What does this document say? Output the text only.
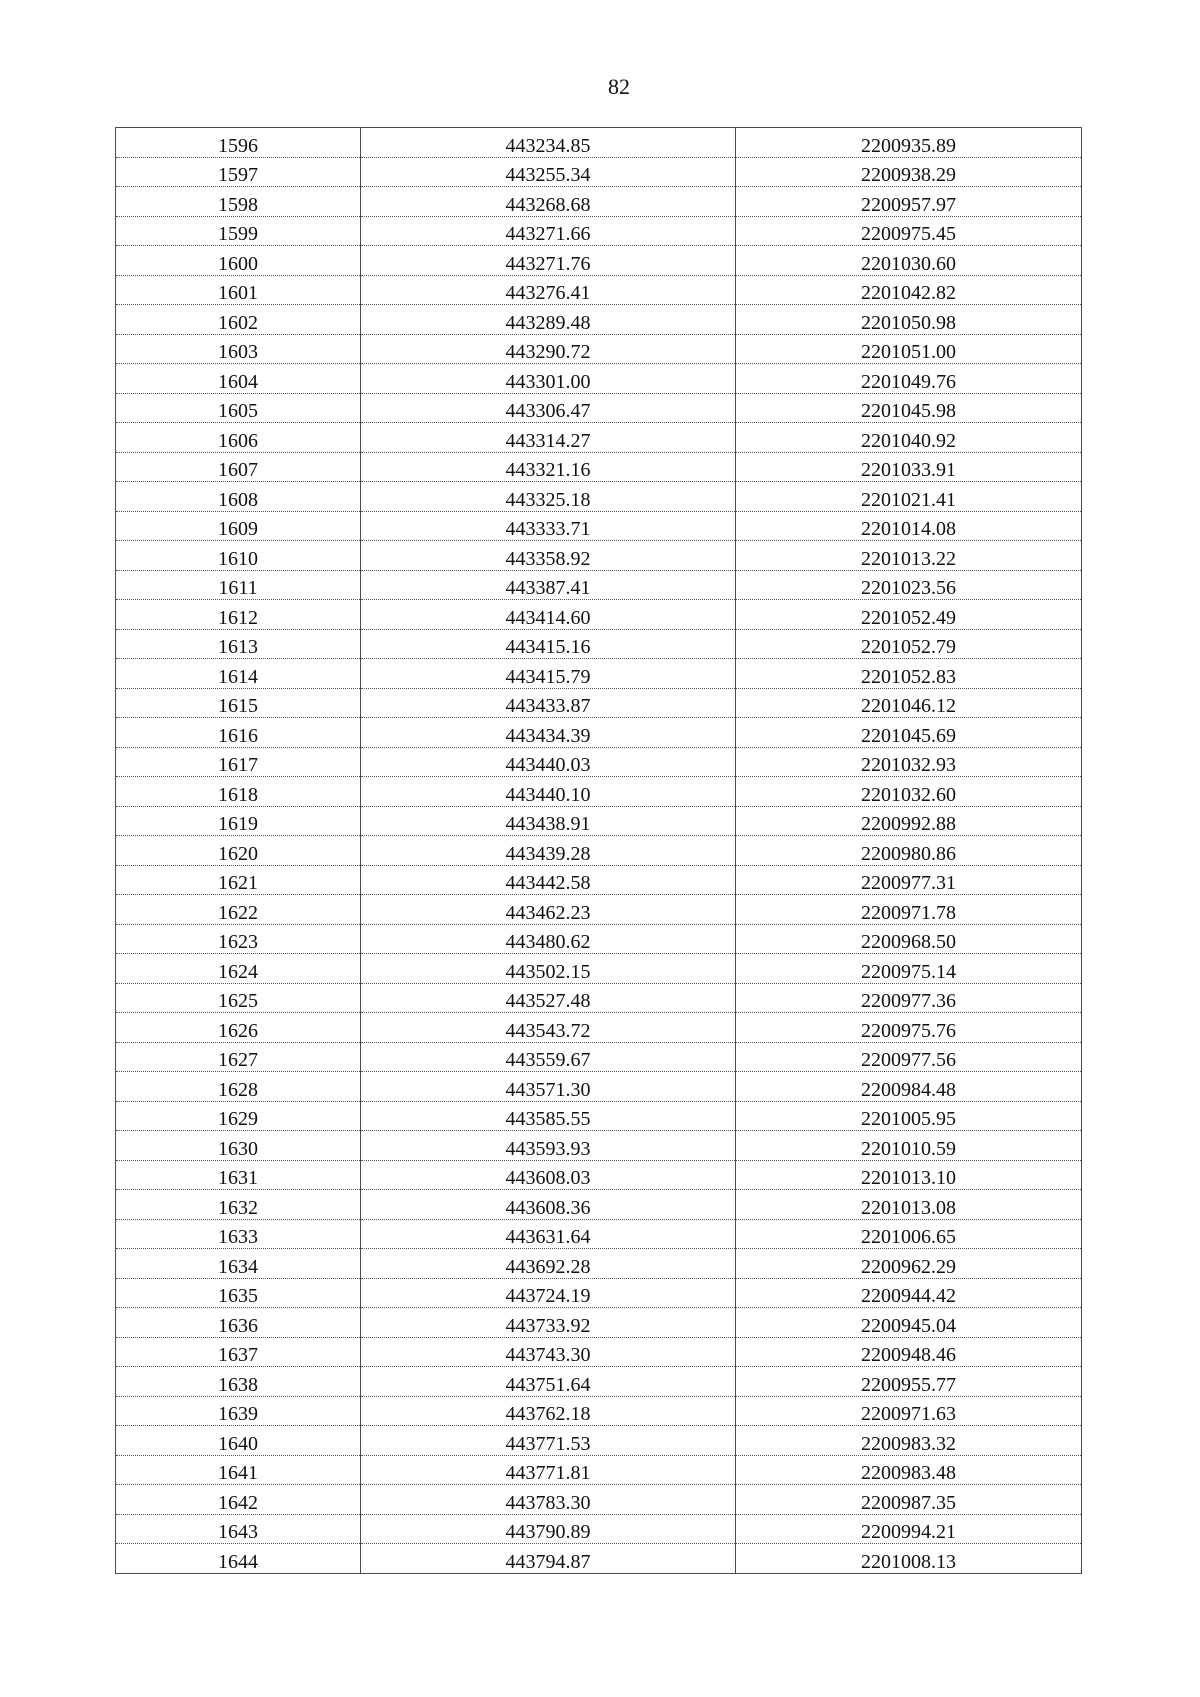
82
1596	443234.85	2200935.89
1597	443255.34	2200938.29
1598	443268.68	2200957.97
1599	443271.66	2200975.45
1600	443271.76	2201030.60
1601	443276.41	2201042.82
1602	443289.48	2201050.98
1603	443290.72	2201051.00
1604	443301.00	2201049.76
1605	443306.47	2201045.98
1606	443314.27	2201040.92
1607	443321.16	2201033.91
1608	443325.18	2201021.41
1609	443333.71	2201014.08
1610	443358.92	2201013.22
1611	443387.41	2201023.56
1612	443414.60	2201052.49
1613	443415.16	2201052.79
1614	443415.79	2201052.83
1615	443433.87	2201046.12
1616	443434.39	2201045.69
1617	443440.03	2201032.93
1618	443440.10	2201032.60
1619	443438.91	2200992.88
1620	443439.28	2200980.86
1621	443442.58	2200977.31
1622	443462.23	2200971.78
1623	443480.62	2200968.50
1624	443502.15	2200975.14
1625	443527.48	2200977.36
1626	443543.72	2200975.76
1627	443559.67	2200977.56
1628	443571.30	2200984.48
1629	443585.55	2201005.95
1630	443593.93	2201010.59
1631	443608.03	2201013.10
1632	443608.36	2201013.08
1633	443631.64	2201006.65
1634	443692.28	2200962.29
1635	443724.19	2200944.42
1636	443733.92	2200945.04
1637	443743.30	2200948.46
1638	443751.64	2200955.77
1639	443762.18	2200971.63
1640	443771.53	2200983.32
1641	443771.81	2200983.48
1642	443783.30	2200987.35
1643	443790.89	2200994.21
1644	443794.87	2201008.13
